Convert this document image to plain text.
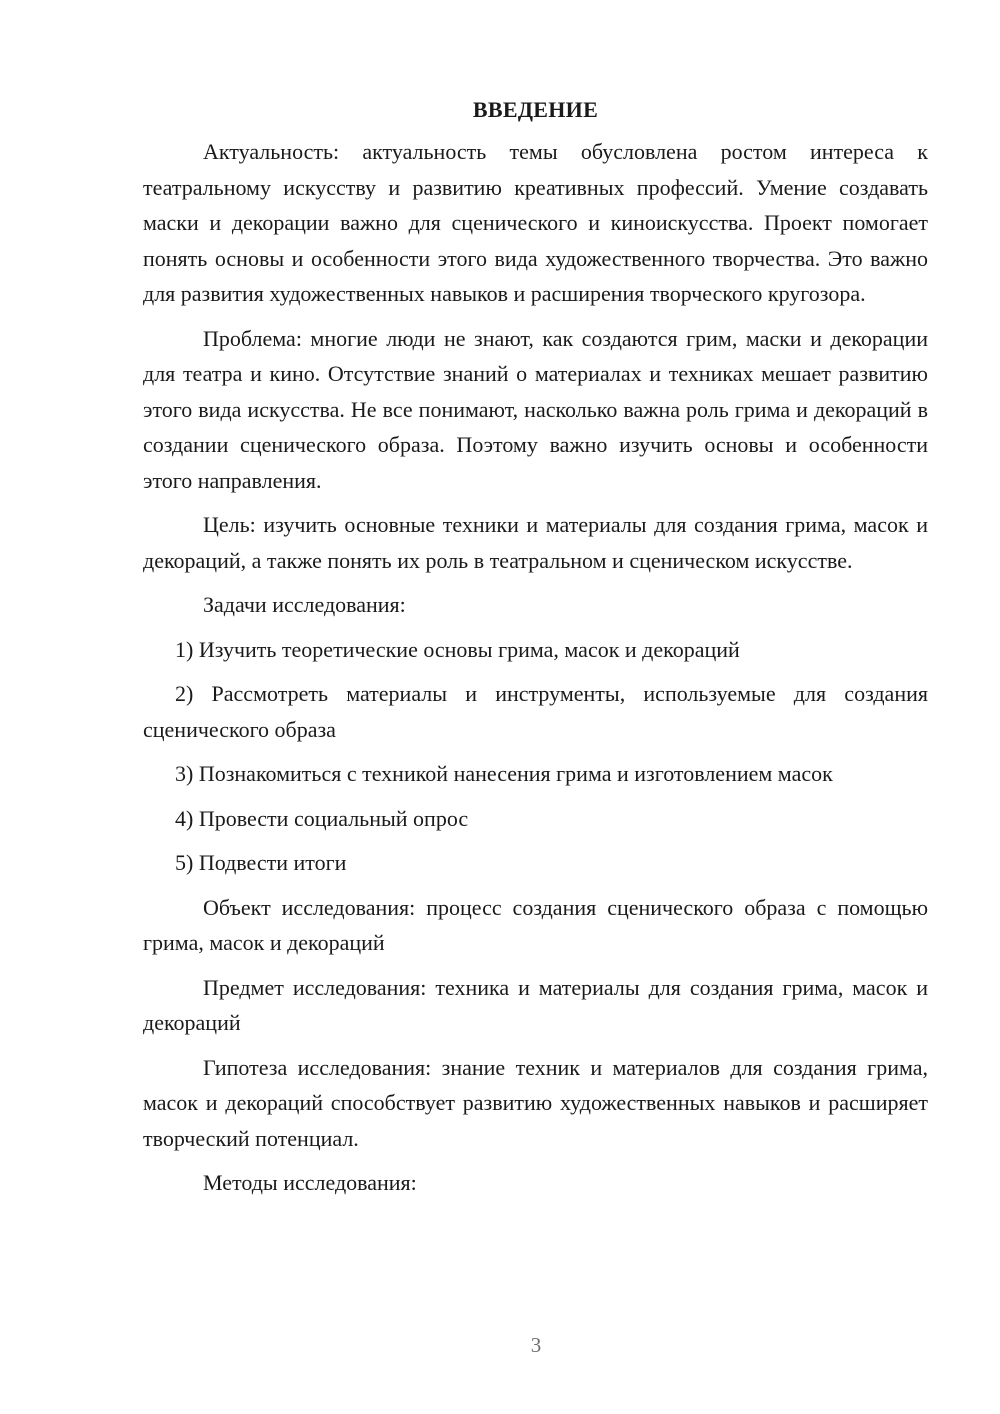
ВВЕДЕНИЕ

Актуальность: актуальность темы обусловлена ростом интереса к театральному искусству и развитию креативных профессий. Умение создавать маски и декорации важно для сценического и киноискусства. Проект помогает понять основы и особенности этого вида художественного творчества. Это важно для развития художественных навыков и расширения творческого кругозора.

Проблема: многие люди не знают, как создаются грим, маски и декорации для театра и кино. Отсутствие знаний о материалах и техниках мешает развитию этого вида искусства. Не все понимают, насколько важна роль грима и декораций в создании сценического образа. Поэтому важно изучить основы и особенности этого направления.

Цель: изучить основные техники и материалы для создания грима, масок и декораций, а также понять их роль в театральном и сценическом искусстве.

Задачи исследования:

1) Изучить теоретические основы грима, масок и декораций

2) Рассмотреть материалы и инструменты, используемые для создания сценического образа

3) Познакомиться с техникой нанесения грима и изготовлением масок

4) Провести социальный опрос

5) Подвести итоги

Объект исследования: процесс создания сценического образа с помощью грима, масок и декораций

Предмет исследования: техника и материалы для создания грима, масок и декораций

Гипотеза исследования: знание техник и материалов для создания грима, масок и декораций способствует развитию художественных навыков и расширяет творческий потенциал.

Методы исследования:

3
